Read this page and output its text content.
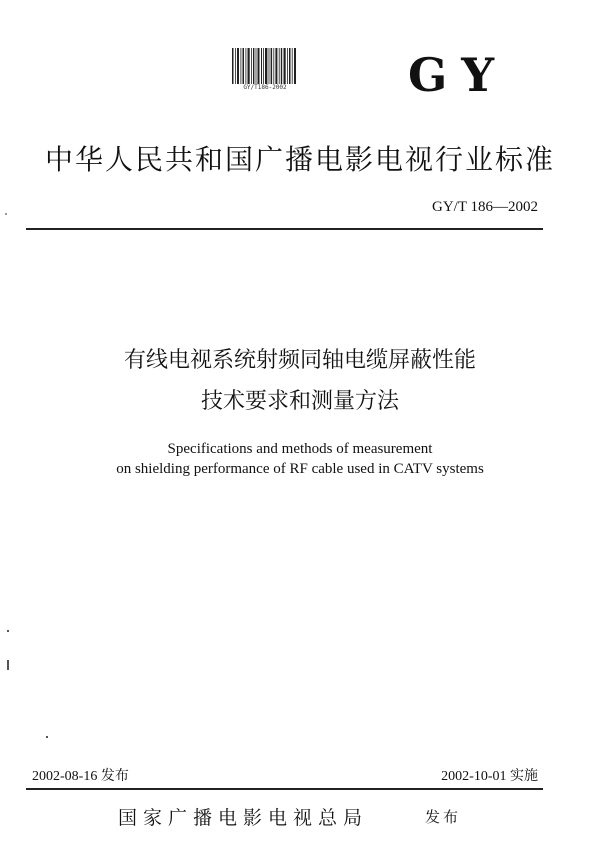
GY/T186-2002	GY
中华人民共和国广播电影电视行业标准
GY/T 186—2002
有线电视系统射频同轴电缆屏蔽性能
技术要求和测量方法
Specifications and methods of measurement
on shielding performance of RF cable used in CATV systems
2002-08-16 发布	2002-10-01 实施
国家广播电影电视总局	发布
